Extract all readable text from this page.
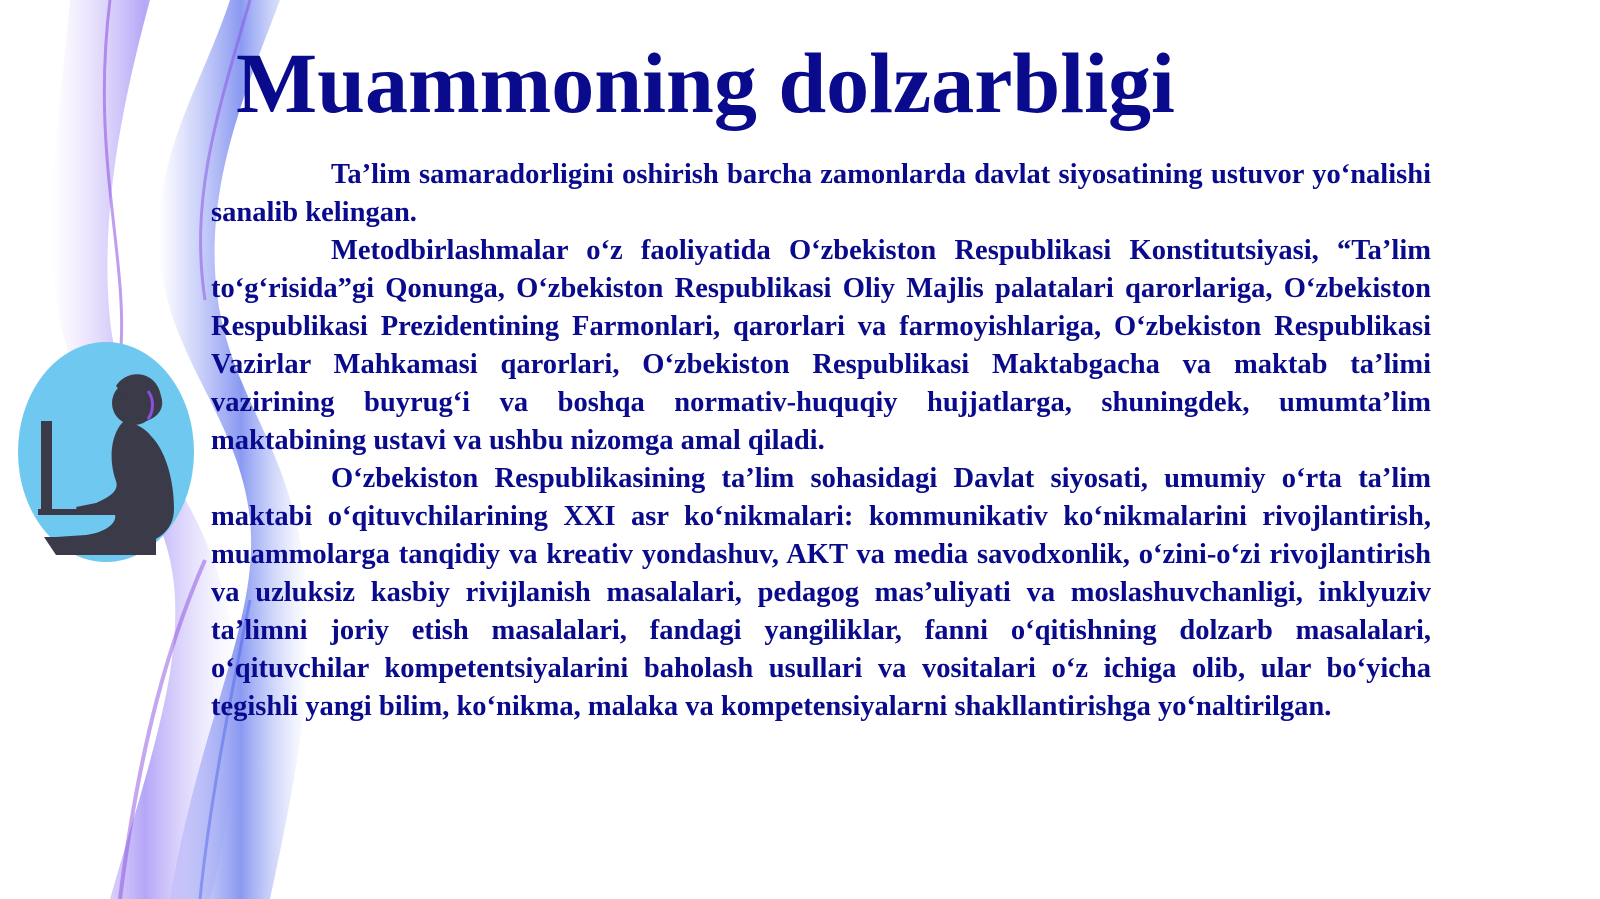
Muammoning dolzarbligi

Ta’lim samaradorligini oshirish barcha zamonlarda davlat siyosatining ustuvor yo‘nalishi sanalib kelingan.

Metodbirlashmalar o‘z faoliyatida O‘zbekiston Respublikasi Konstitutsiyasi, “Ta’lim to‘g‘risida”gi Qonunga, O‘zbekiston Respublikasi Oliy Majlis palatalari qarorlariga, O‘zbekiston Respublikasi Prezidentining Farmonlari, qarorlari va farmoyishlariga, O‘zbekiston Respublikasi Vazirlar Mahkamasi qarorlari, O‘zbekiston Respublikasi Maktabgacha va maktab ta’limi vazirining buyrug‘i va boshqa normativ-huquqiy hujjatlarga, shuningdek, umumta’lim maktabining ustavi va ushbu nizomga amal qiladi.

O‘zbekiston Respublikasining ta’lim sohasidagi Davlat siyosati, umumiy o‘rta ta’lim maktabi o‘qituvchilarining XXI asr ko‘nikmalari: kommunikativ ko‘nikmalarini rivojlantirish, muammolarga tanqidiy va kreativ yondashuv, AKT va media savodxonlik, o‘zini-o‘zi rivojlantirish va uzluksiz kasbiy rivijlanish masalalari, pedagog mas’uliyati va moslashuvchanligi, inklyuziv ta’limni joriy etish masalalari, fandagi yangiliklar, fanni o‘qitishning dolzarb masalalari, o‘qituvchilar kompetentsiyalarini baholash usullari va vositalari o‘z ichiga olib, ular bo‘yicha tegishli yangi bilim, ko‘nikma, malaka va kompetensiyalarni shakllantirishga yo‘naltirilgan.
